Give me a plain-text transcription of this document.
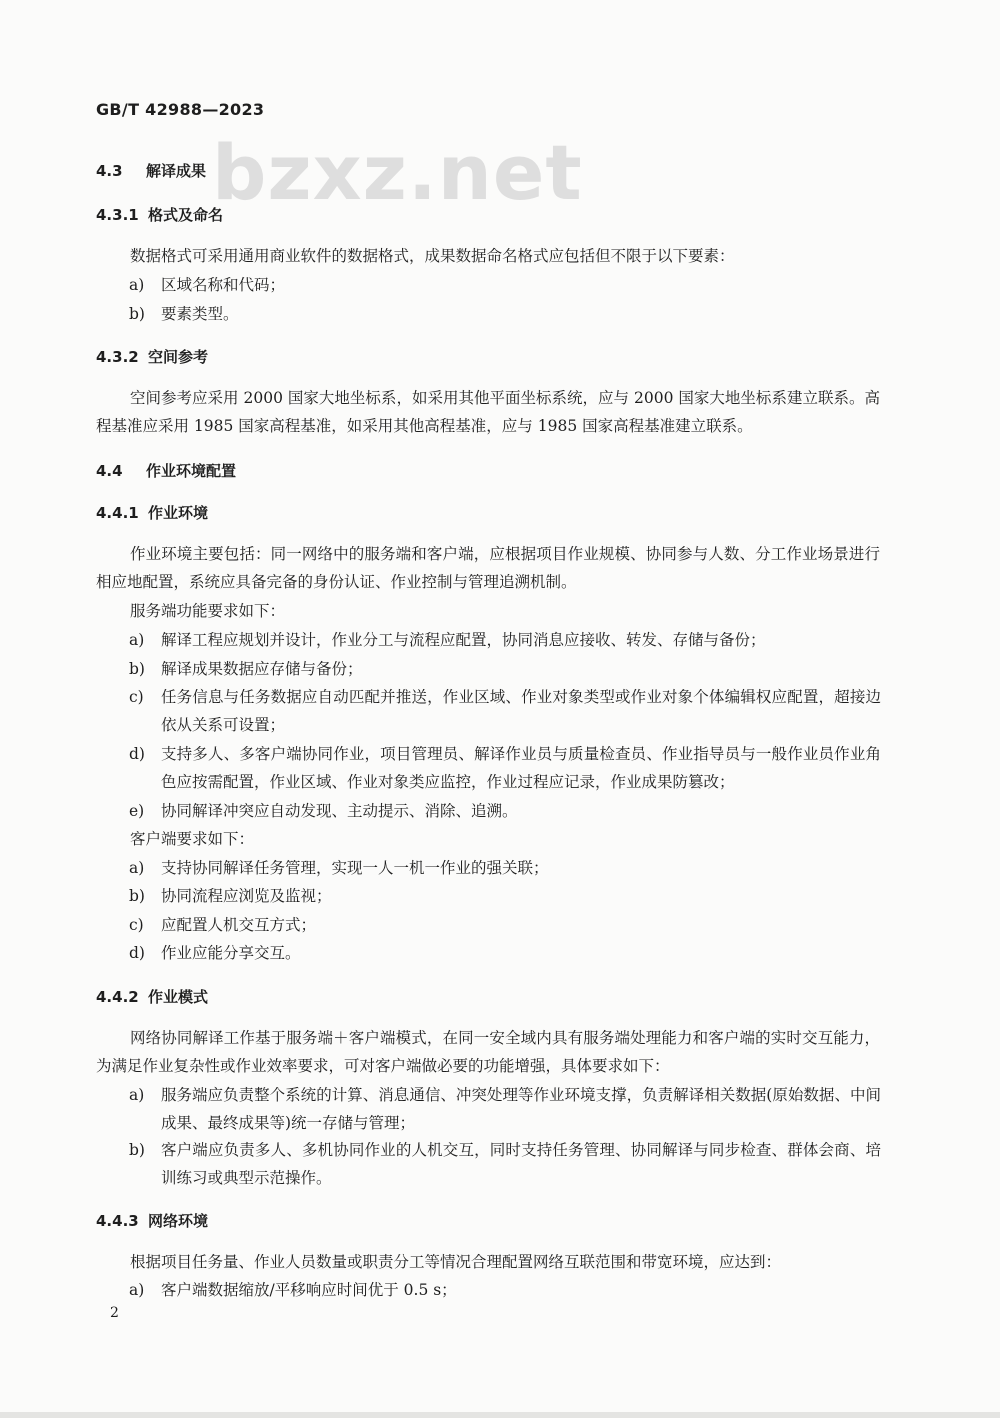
GB/T 42988—2023
bzxz.net
4.3	解译成果
4.3.1 格式及命名
数据格式可采用通用商业软件的数据格式，成果数据命名格式应包括但不限于以下要素：
a)	区域名称和代码；
b)	要素类型。
4.3.2 空间参考
空间参考应采用 2000 国家大地坐标系，如采用其他平面坐标系统，应与 2000 国家大地坐标系建立联系。高程基准应采用 1985 国家高程基准，如采用其他高程基准，应与 1985 国家高程基准建立联系。
4.4	作业环境配置
4.4.1 作业环境
作业环境主要包括：同一网络中的服务端和客户端，应根据项目作业规模、协同参与人数、分工作业场景进行相应地配置，系统应具备完备的身份认证、作业控制与管理追溯机制。
服务端功能要求如下：
a)	解译工程应规划并设计，作业分工与流程应配置，协同消息应接收、转发、存储与备份；
b)	解译成果数据应存储与备份；
c)	任务信息与任务数据应自动匹配并推送，作业区域、作业对象类型或作业对象个体编辑权应配置，超接边依从关系可设置；
d)	支持多人、多客户端协同作业，项目管理员、解译作业员与质量检查员、作业指导员与一般作业员作业角色应按需配置，作业区域、作业对象类应监控，作业过程应记录，作业成果防篡改；
e)	协同解译冲突应自动发现、主动提示、消除、追溯。
客户端要求如下：
a)	支持协同解译任务管理，实现一人一机一作业的强关联；
b)	协同流程应浏览及监视；
c)	应配置人机交互方式；
d)	作业应能分享交互。
4.4.2 作业模式
网络协同解译工作基于服务端＋客户端模式，在同一安全域内具有服务端处理能力和客户端的实时交互能力，为满足作业复杂性或作业效率要求，可对客户端做必要的功能增强，具体要求如下：
a)	服务端应负责整个系统的计算、消息通信、冲突处理等作业环境支撑，负责解译相关数据(原始数据、中间成果、最终成果等)统一存储与管理；
b)	客户端应负责多人、多机协同作业的人机交互，同时支持任务管理、协同解译与同步检查、群体会商、培训练习或典型示范操作。
4.4.3 网络环境
根据项目任务量、作业人员数量或职责分工等情况合理配置网络互联范围和带宽环境，应达到：
a)	客户端数据缩放/平移响应时间优于 0.5 s；
2
